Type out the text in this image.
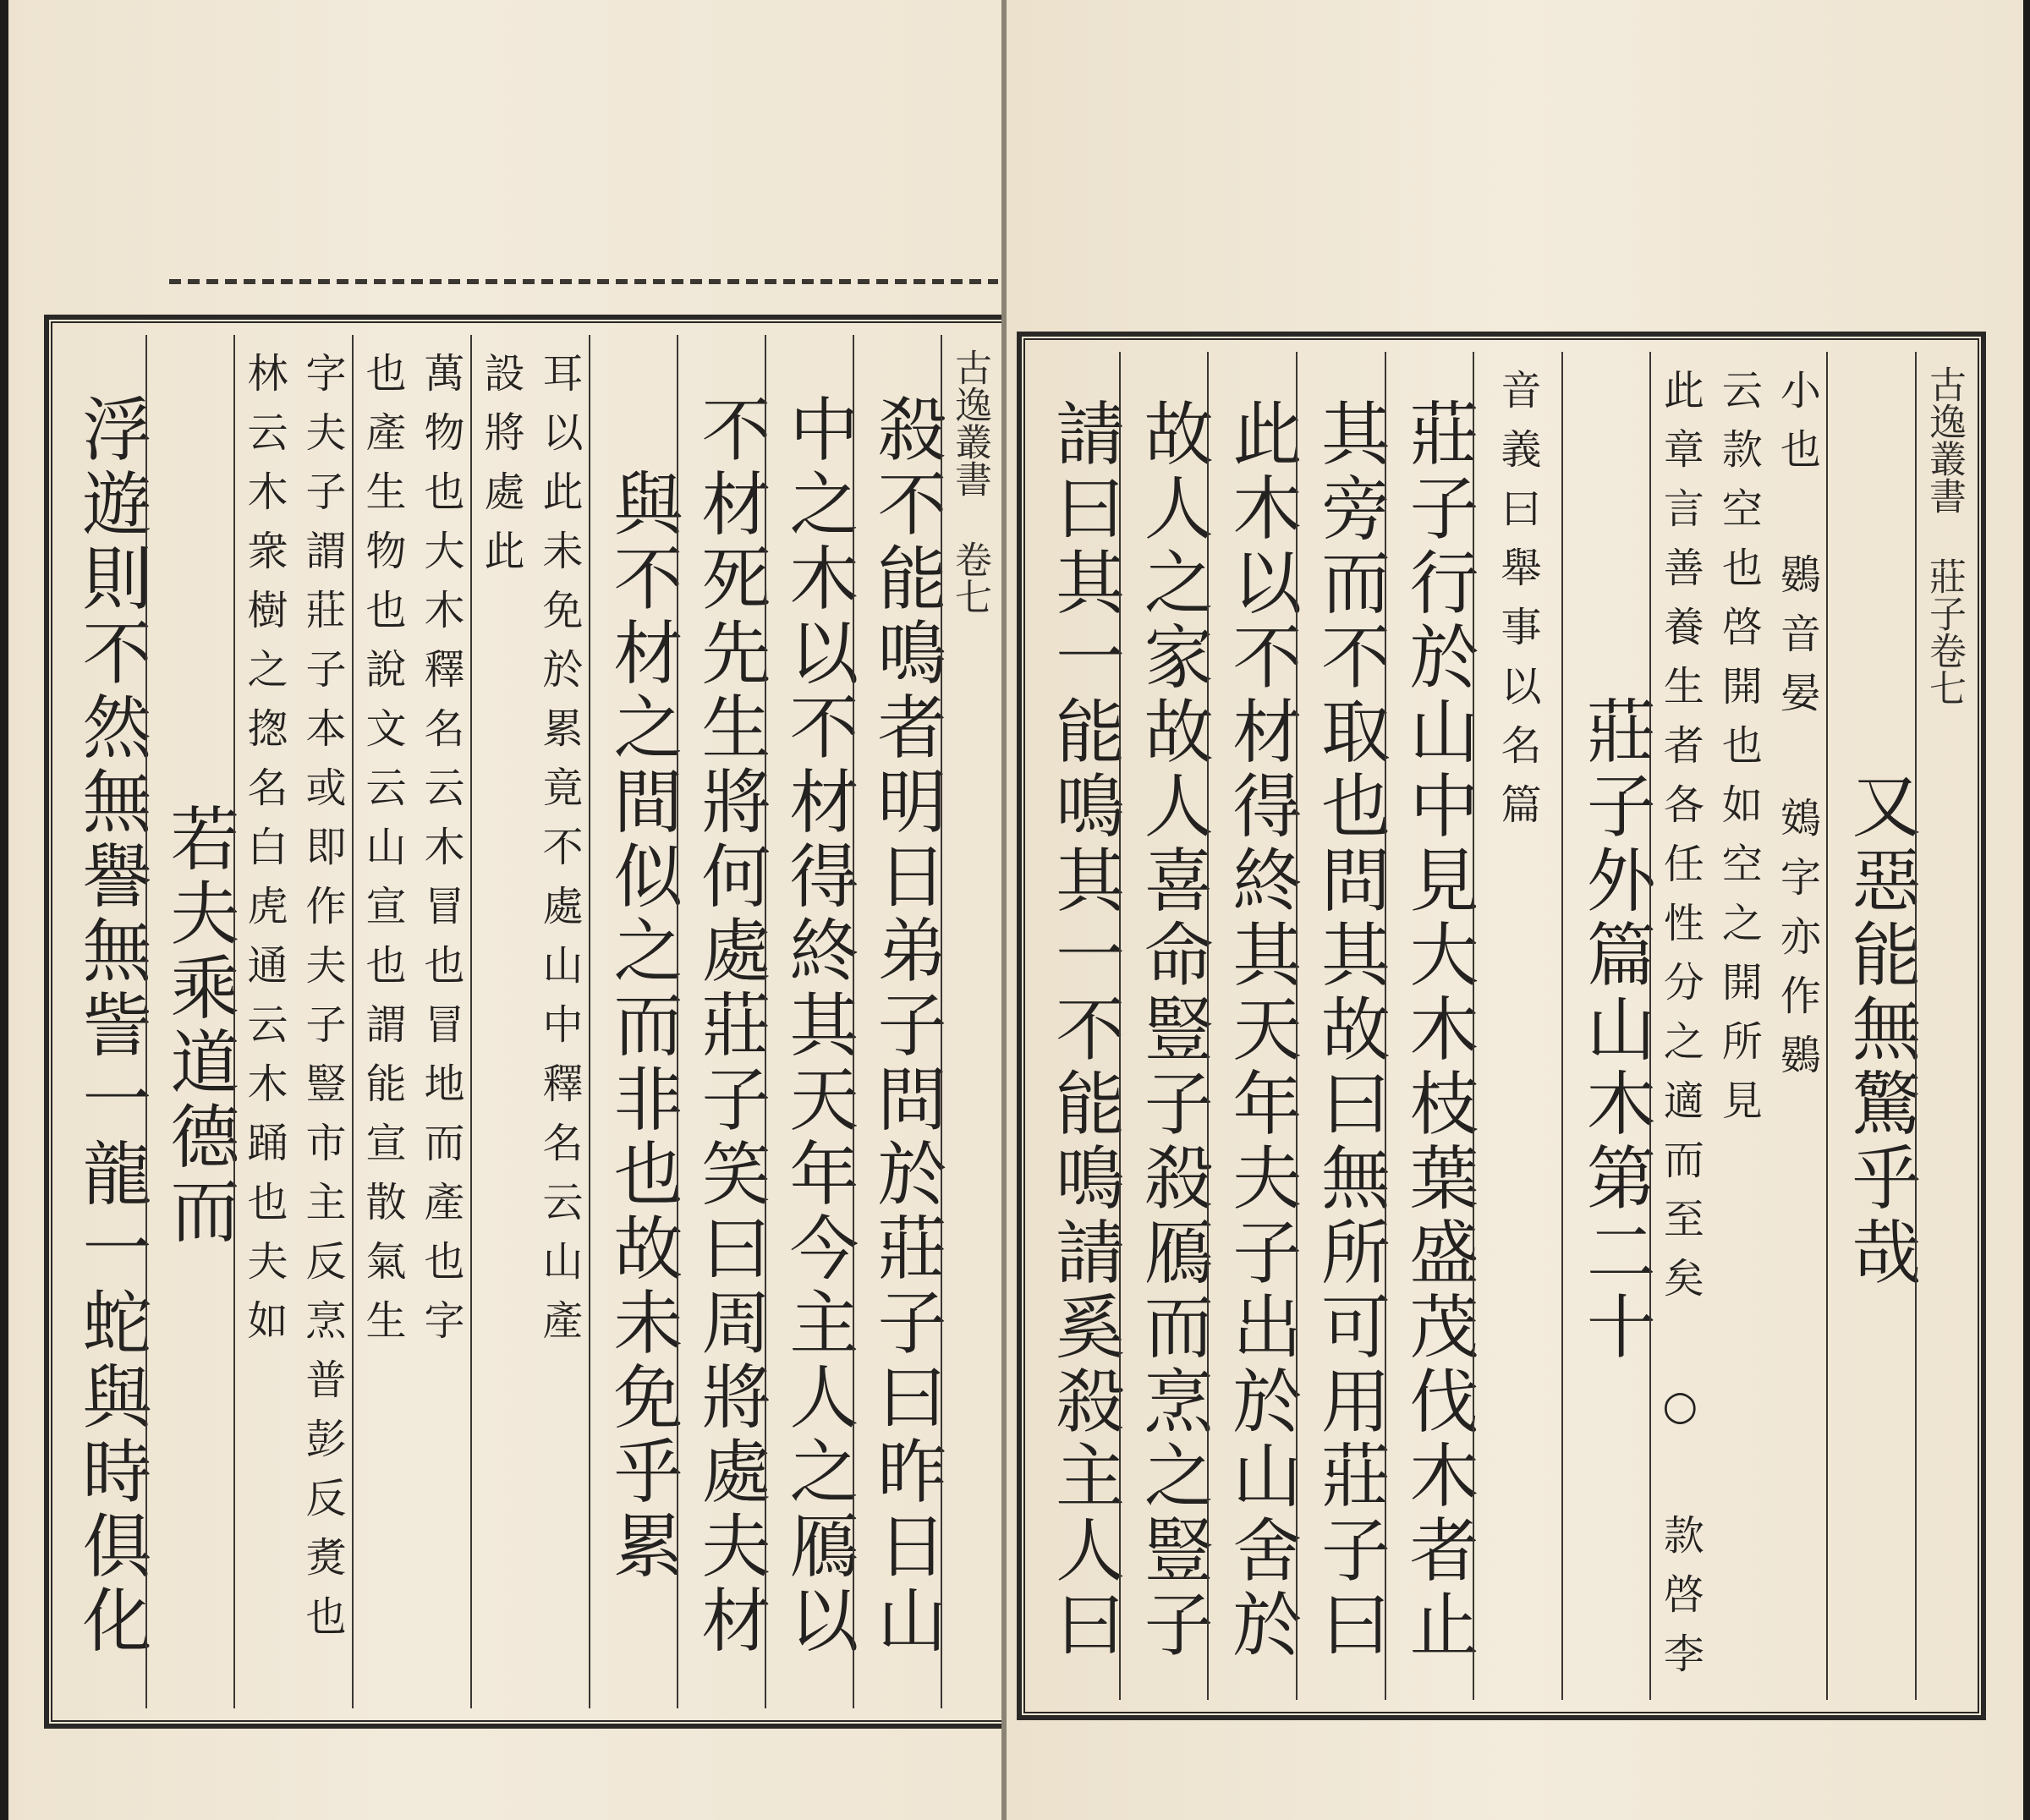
古逸叢書 卷七
殺不能鳴者明日弟子問於莊子曰昨日山
中之木以不材得終其天年今主人之鴈以
不材死先生將何處莊子笑曰周將處夫材
與不材之間似之而非也故未免乎累
設將處此 耳以此未免於累竟不處山中釋名云山產
也產生物也說文云山宣也謂能宣散氣生 萬物也大木釋名云木冒也冒地而產也字
林云木衆樹之揔名白虎通云木踊也夫如 字夫子謂莊子本或即作夫子豎市主反烹普彭反煑也
若夫乘道德而
浮遊則不然無譽無訾一龍一蛇與時俱化	古逸叢書 莊子卷七
又惡能無驚乎哉
此章言善養生者各任性分之適而至矣 ○ 款啓李 云款空也啓開也如空之開所見 小也 鷃音晏 鴳字亦作鷃
莊子外篇山木第二十
音義曰舉事以名篇
莊子行於山中見大木枝葉盛茂伐木者止
其旁而不取也問其故曰無所可用莊子曰
此木以不材得終其天年夫子出於山舍於
故人之家故人喜命豎子殺鴈而烹之豎子
請曰其一能鳴其一不能鳴請奚殺主人曰
